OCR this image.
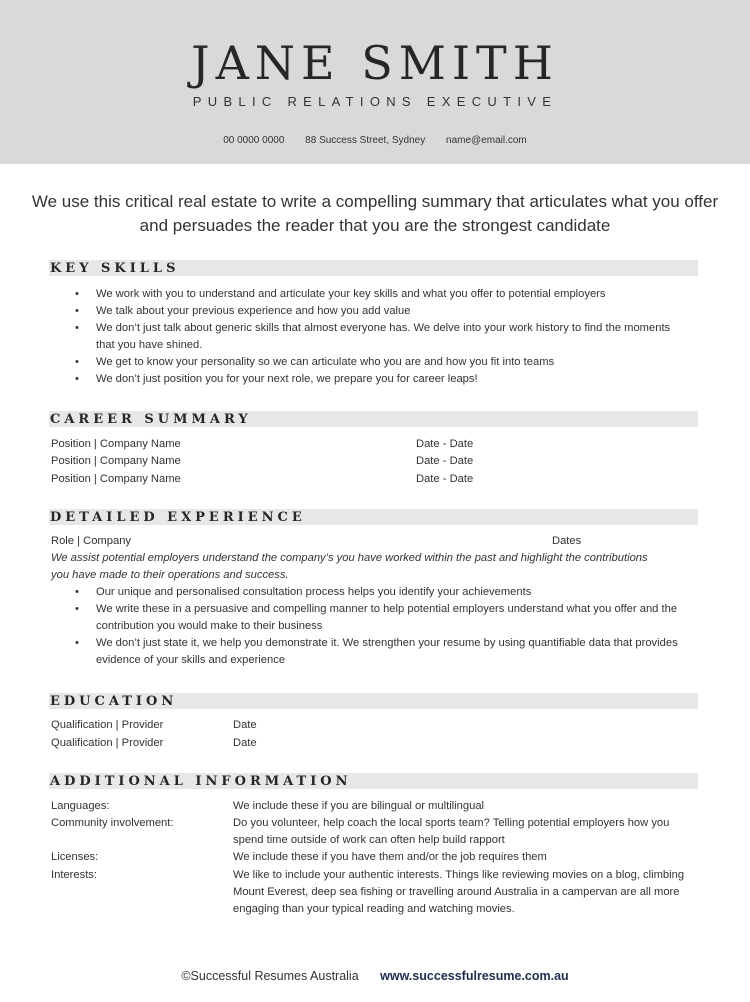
JANE SMITH
PUBLIC RELATIONS EXECUTIVE
00 0000 0000 88 Success Street, Sydney name@email.com
We use this critical real estate to write a compelling summary that articulates what you offer and persuades the reader that you are the strongest candidate
KEY SKILLS
• We work with you to understand and articulate your key skills and what you offer to potential employers
• We talk about your previous experience and how you add value
• We don’t just talk about generic skills that almost everyone has. We delve into your work history to find the moments that you have shined.
• We get to know your personality so we can articulate who you are and how you fit into teams
• We don’t just position you for your next role, we prepare you for career leaps!
CAREER SUMMARY
Position | Company Name	Date - Date
Position | Company Name	Date - Date
Position | Company Name	Date - Date
DETAILED EXPERIENCE
Role | Company	Dates
We assist potential employers understand the company’s you have worked within the past and highlight the contributions you have made to their operations and success.
• Our unique and personalised consultation process helps you identify your achievements
• We write these in a persuasive and compelling manner to help potential employers understand what you offer and the contribution you would make to their business
• We don’t just state it, we help you demonstrate it. We strengthen your resume by using quantifiable data that provides evidence of your skills and experience
EDUCATION
Qualification | Provider	Date
Qualification | Provider	Date
ADDITIONAL INFORMATION
Languages:	We include these if you are bilingual or multilingual
Community involvement:	Do you volunteer, help coach the local sports team? Telling potential employers how you spend time outside of work can often help build rapport
Licenses:	We include these if you have them and/or the job requires them
Interests:	We like to include your authentic interests. Things like reviewing movies on a blog, climbing Mount Everest, deep sea fishing or travelling around Australia in a campervan are all more engaging than your typical reading and watching movies.
©Successful Resumes Australia www.successfulresume.com.au
